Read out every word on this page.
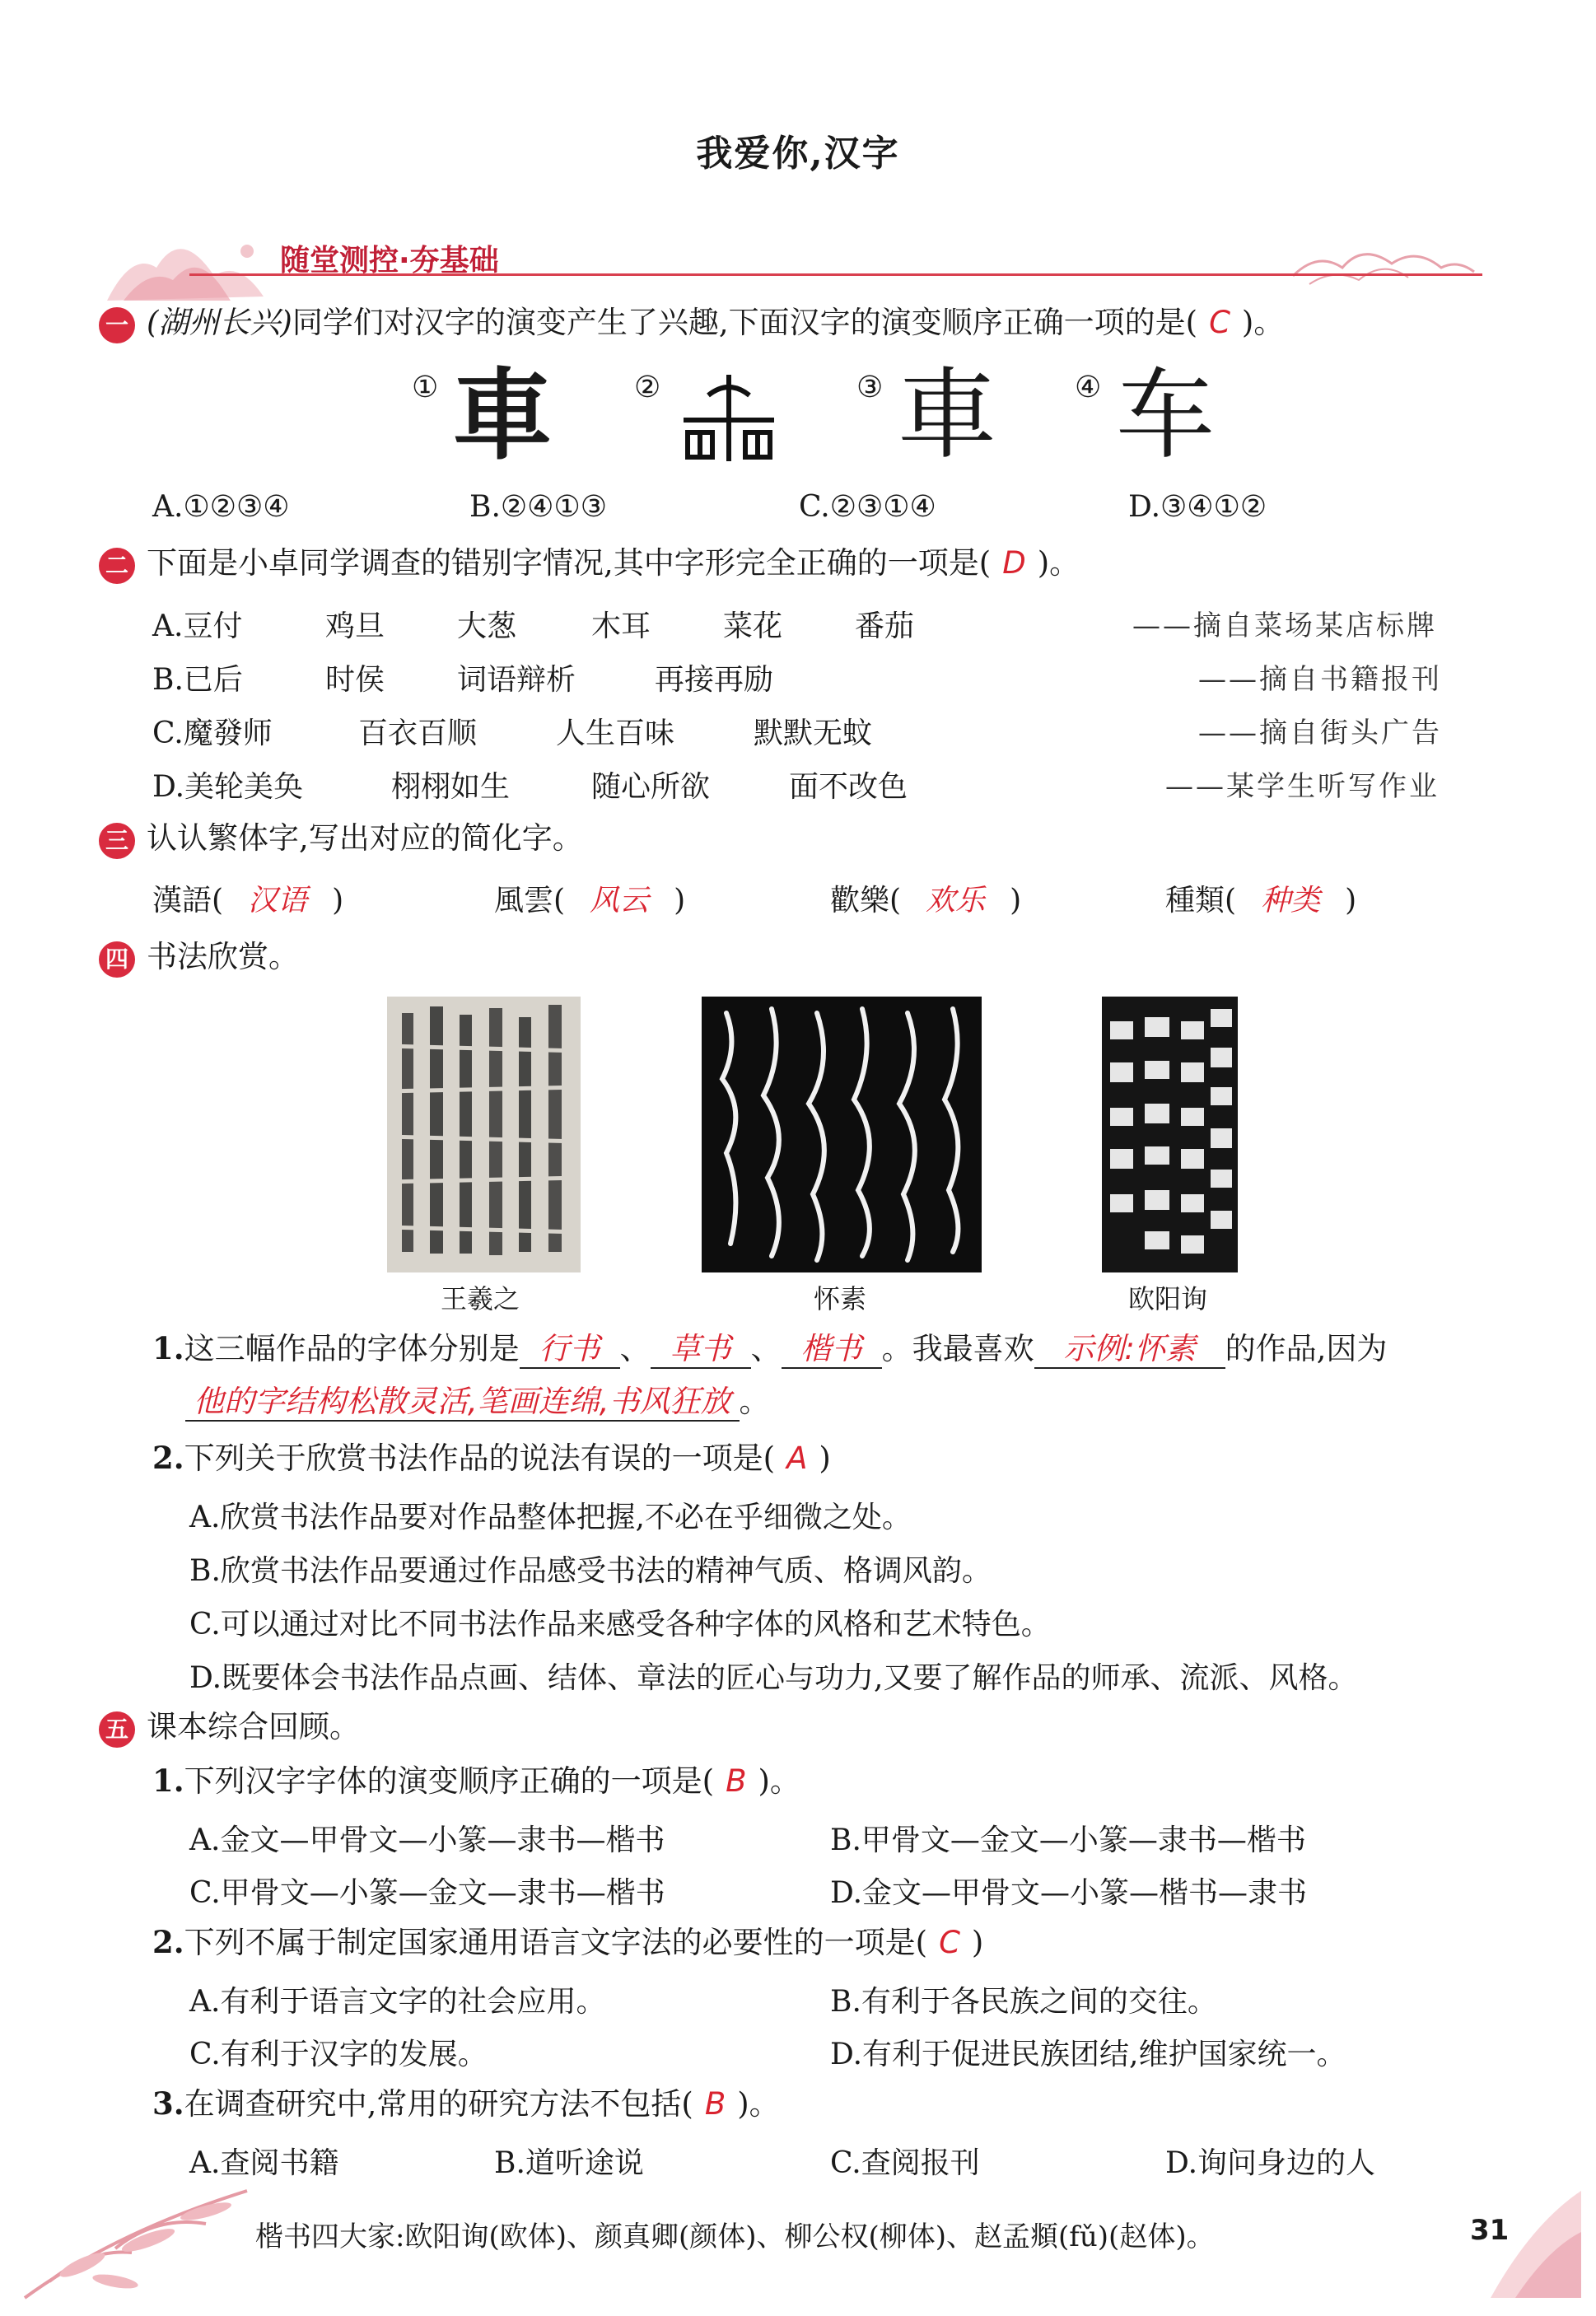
我爱你,汉字
随堂测控·夯基础
一 (湖州长兴)同学们对汉字的演变产生了兴趣,下面汉字的演变顺序正确一项的是( C )。
① 車	②	③ 車	④ 车
A.①②③④	B.②④①③	C.②③①④	D.③④①②
二 下面是小卓同学调查的错别字情况,其中字形完全正确的一项是( D )。
A.豆付	鸡旦 大葱	木耳 菜花 番茄	——摘自菜场某店标牌
B.已后	时侯 词语辩析	再接再励	——摘自书籍报刊
C.魔發师	百衣百顺	人生百味	默默无蚊	——摘自街头广告
D.美轮美奂	栩栩如生	随心所欲	面不改色	——某学生听写作业
三 认认繁体字,写出对应的简化字。
漢語( 汉语 )	風雲( 风云 )	歡樂( 欢乐 )	種類( 种类 )
四 书法欣赏。
王羲之	怀素	欧阳询
1.这三幅作品的字体分别是 行书 、 草书 、 楷书 。我最喜欢 示例:怀素 的作品,因为
他的字结构松散灵活,笔画连绵,书风狂放 。
2.下列关于欣赏书法作品的说法有误的一项是( A )
A.欣赏书法作品要对作品整体把握,不必在乎细微之处。
B.欣赏书法作品要通过作品感受书法的精神气质、格调风韵。
C.可以通过对比不同书法作品来感受各种字体的风格和艺术特色。
D.既要体会书法作品点画、结体、章法的匠心与功力,又要了解作品的师承、流派、风格。
五 课本综合回顾。
1.下列汉字字体的演变顺序正确的一项是( B )。
A.金文—甲骨文—小篆—隶书—楷书	B.甲骨文—金文—小篆—隶书—楷书
C.甲骨文—小篆—金文—隶书—楷书	D.金文—甲骨文—小篆—楷书—隶书
2.下列不属于制定国家通用语言文字法的必要性的一项是( C )
A.有利于语言文字的社会应用。	B.有利于各民族之间的交往。
C.有利于汉字的发展。	D.有利于促进民族团结,维护国家统一。
3.在调查研究中,常用的研究方法不包括( B )。
A.查阅书籍	B.道听途说	C.查阅报刊	D.询问身边的人
楷书四大家:欧阳询(欧体)、颜真卿(颜体)、柳公权(柳体)、赵孟頫(fǔ)(赵体)。	31
